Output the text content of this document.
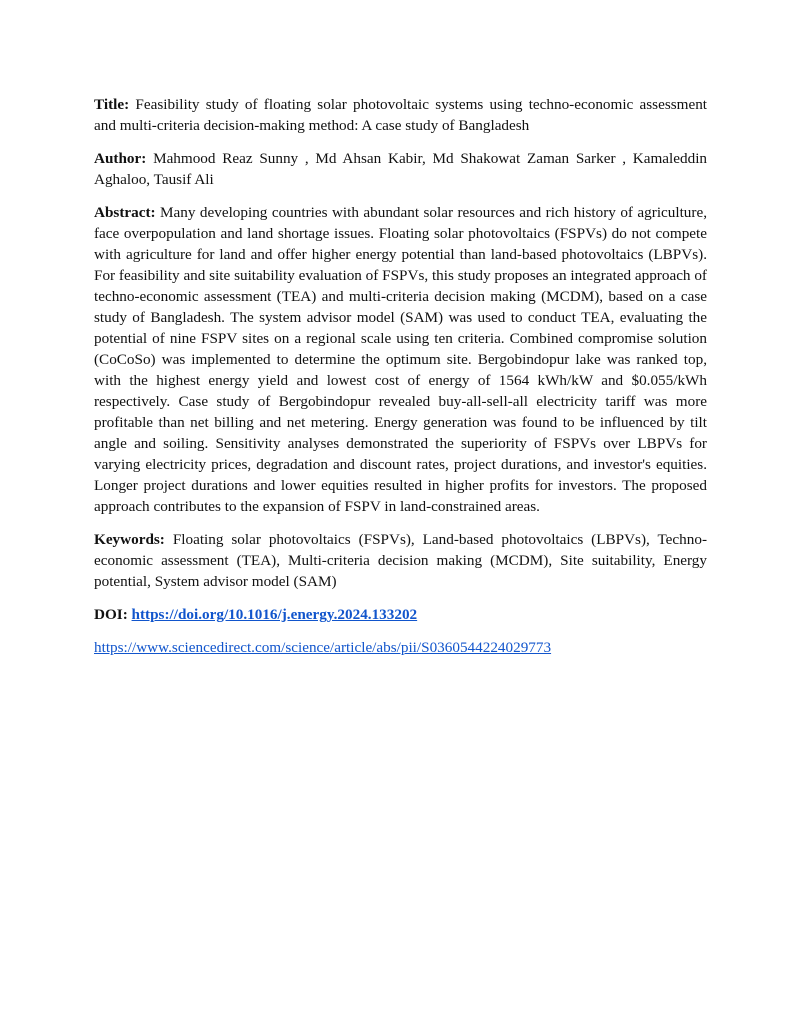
Title: Feasibility study of floating solar photovoltaic systems using techno-economic assessment and multi-criteria decision-making method: A case study of Bangladesh

Author: Mahmood Reaz Sunny , Md Ahsan Kabir, Md Shakowat Zaman Sarker , Kamaleddin Aghaloo, Tausif Ali

Abstract: Many developing countries with abundant solar resources and rich history of agriculture, face overpopulation and land shortage issues. Floating solar photovoltaics (FSPVs) do not compete with agriculture for land and offer higher energy potential than land-based photovoltaics (LBPVs). For feasibility and site suitability evaluation of FSPVs, this study proposes an integrated approach of techno-economic assessment (TEA) and multi-criteria decision making (MCDM), based on a case study of Bangladesh. The system advisor model (SAM) was used to conduct TEA, evaluating the potential of nine FSPV sites on a regional scale using ten criteria. Combined compromise solution (CoCoSo) was implemented to determine the optimum site. Bergobindopur lake was ranked top, with the highest energy yield and lowest cost of energy of 1564 kWh/kW and $0.055/kWh respectively. Case study of Bergobindopur revealed buy-all-sell-all electricity tariff was more profitable than net billing and net metering. Energy generation was found to be influenced by tilt angle and soiling. Sensitivity analyses demonstrated the superiority of FSPVs over LBPVs for varying electricity prices, degradation and discount rates, project durations, and investor's equities. Longer project durations and lower equities resulted in higher profits for investors. The proposed approach contributes to the expansion of FSPV in land-constrained areas.

Keywords: Floating solar photovoltaics (FSPVs), Land-based photovoltaics (LBPVs), Techno-economic assessment (TEA), Multi-criteria decision making (MCDM), Site suitability, Energy potential, System advisor model (SAM)

DOI: https://doi.org/10.1016/j.energy.2024.133202

https://www.sciencedirect.com/science/article/abs/pii/S0360544224029773
